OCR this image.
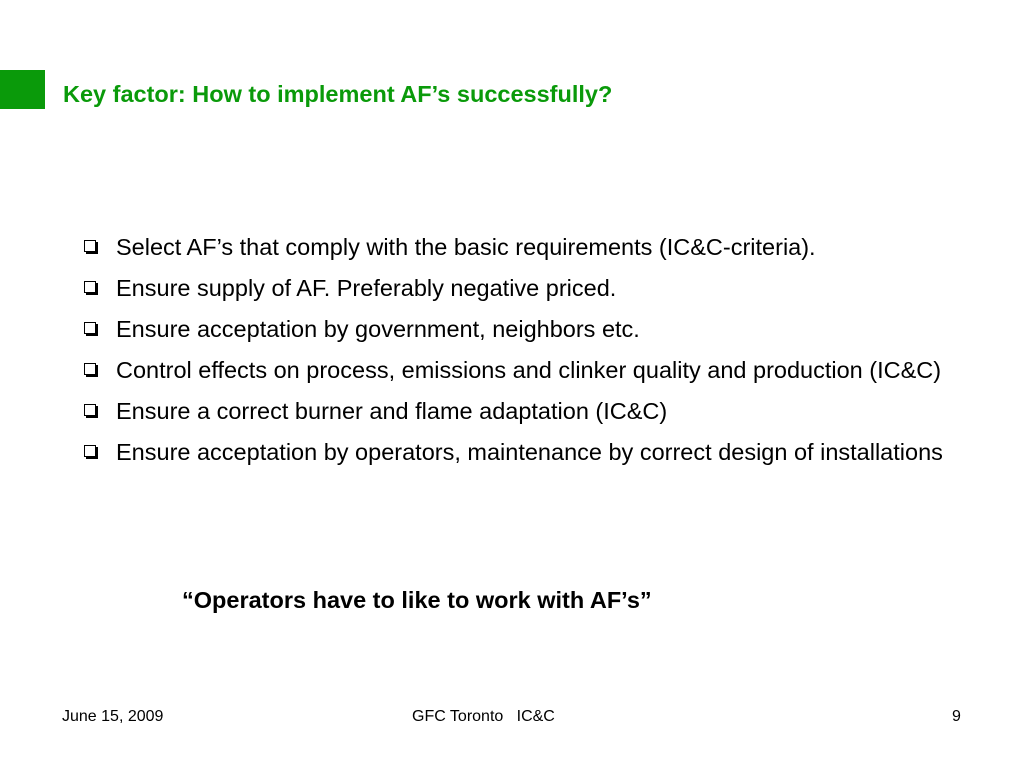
Key factor: How to implement AF’s successfully?
Select AF’s that comply with the basic requirements (IC&C-criteria).
Ensure supply of AF. Preferably negative priced.
Ensure acceptation by government, neighbors etc.
Control effects on process, emissions and clinker quality and production (IC&C)
Ensure a correct burner and flame adaptation (IC&C)
Ensure acceptation by operators, maintenance by correct design of installations
“Operators have to like to work with AF’s”
June 15, 2009	GFC Toronto   IC&C	9
